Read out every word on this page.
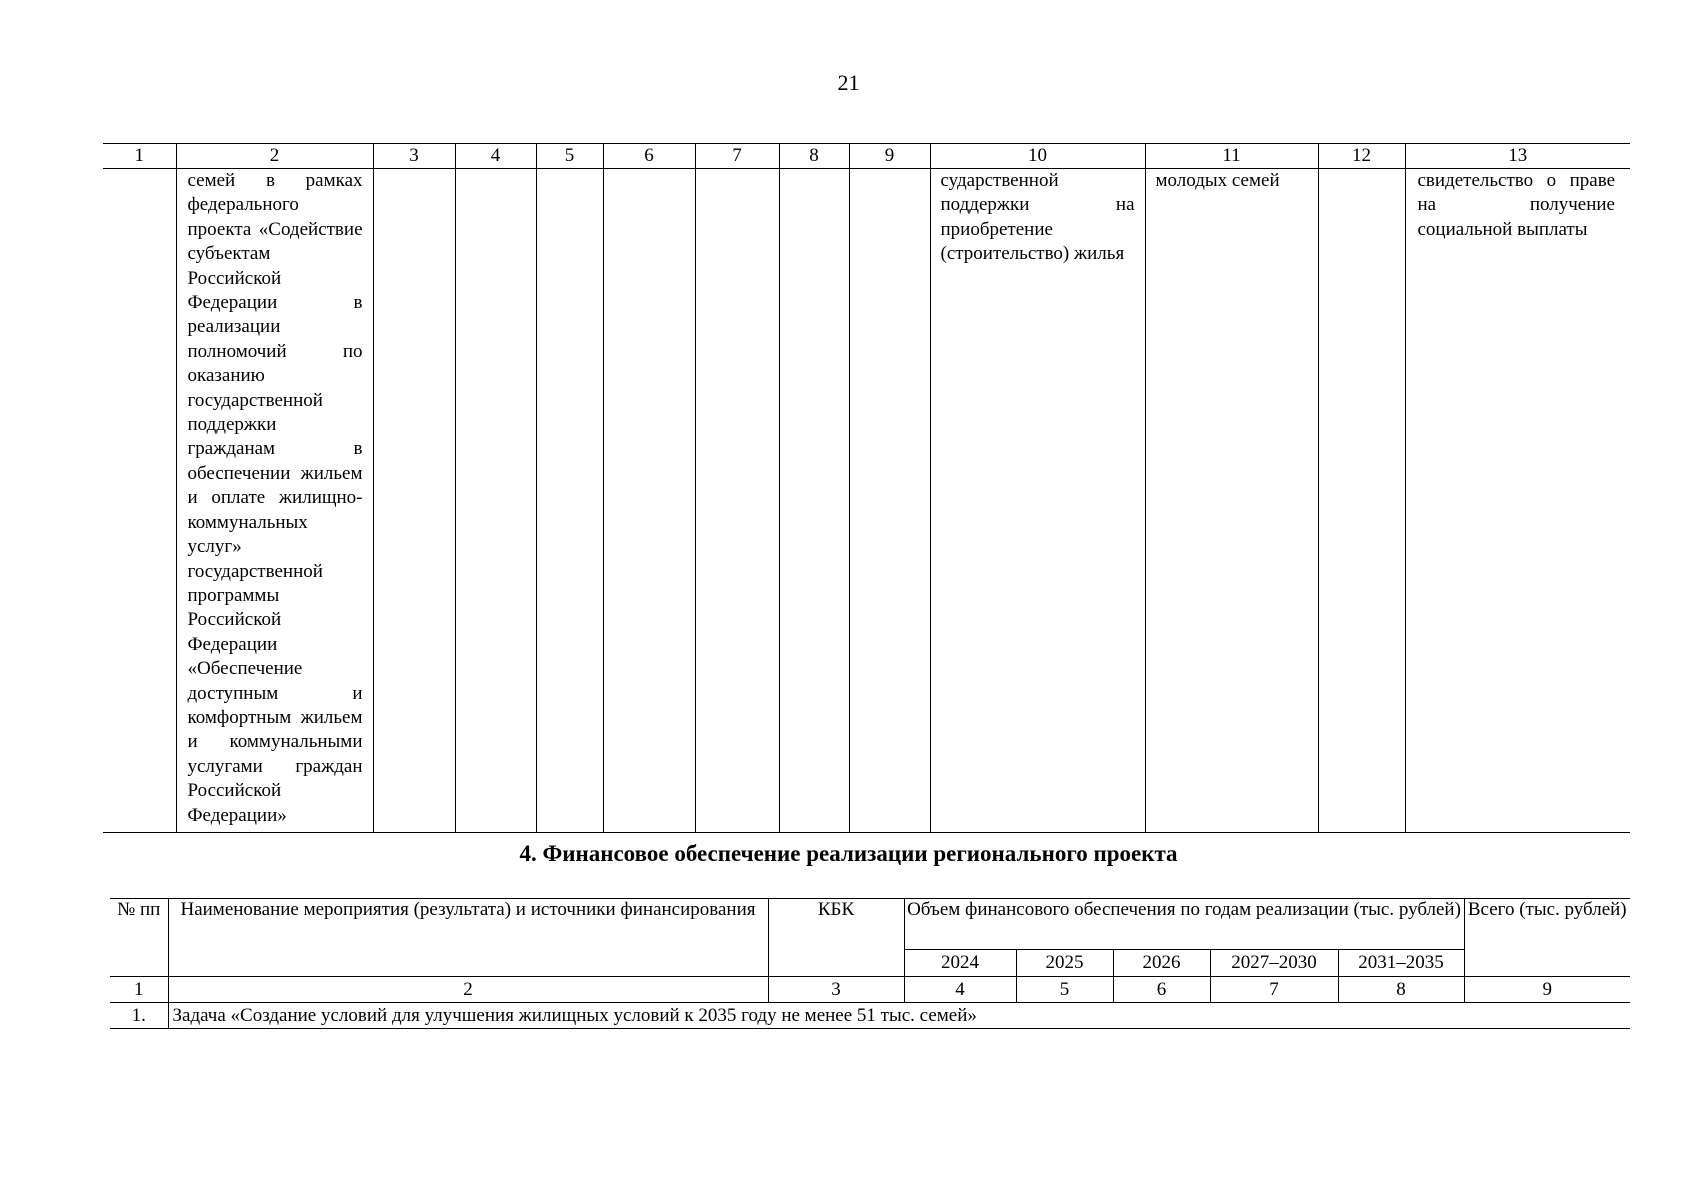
21
1	2	3	4	5	6	7	8	9	10	11	12	13
	семей в рамках федерального проекта «Содействие субъектам Российской Федерации в реализации полномочий по оказанию государственной поддержки гражданам в обеспечении жильем и оплате жилищно-коммунальных услуг» государственной программы Российской Федерации «Обеспечение доступным и комфортным жильем и коммунальными услугами граждан Российской Федерации»								сударственной поддержки на приобретение (строительство) жилья	молодых семей		свидетельство о праве на получение социальной выплаты
4. Финансовое обеспечение реализации регионального проекта
№ пп	Наименование мероприятия (результата) и источники финансирования	КБК	Объем финансового обеспечения по годам реализации (тыс. рублей)					Всего (тыс. рублей)
			2024	2025	2026	2027–2030	2031–2035	
1	2	3	4	5	6	7	8	9
1.	Задача «Создание условий для улучшения жилищных условий к 2035 году не менее 51 тыс. семей»							
